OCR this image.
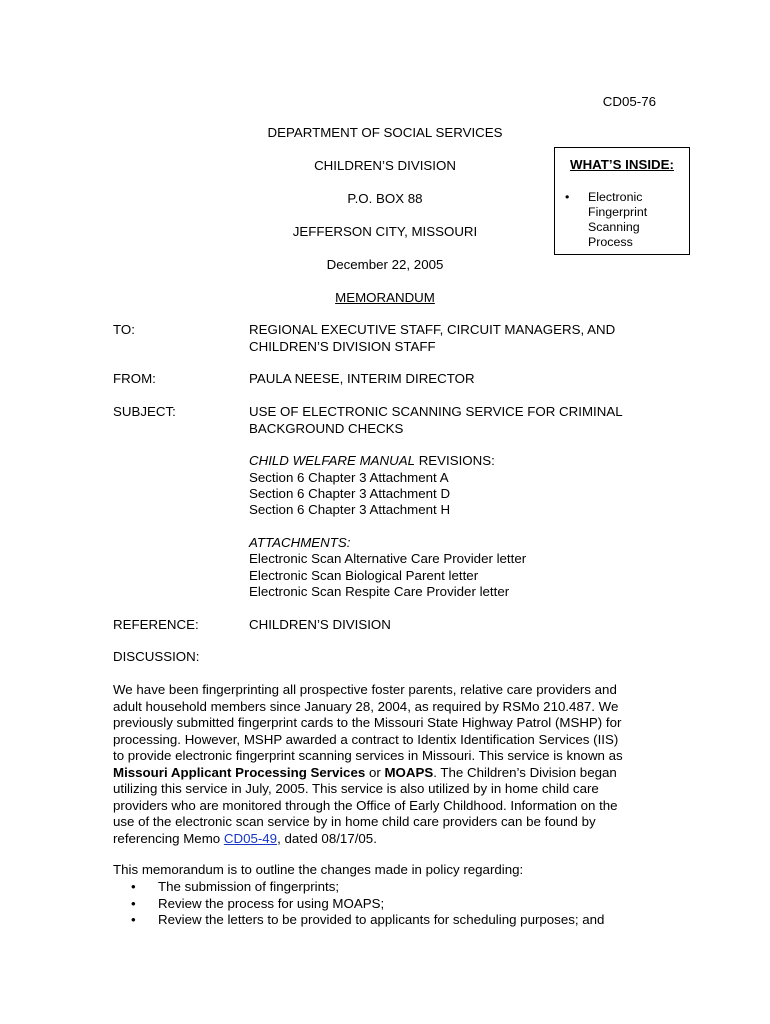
CD05-76
DEPARTMENT OF SOCIAL SERVICES
CHILDREN’S DIVISION
P.O. BOX 88
JEFFERSON CITY, MISSOURI
December 22, 2005
MEMORANDUM
WHAT’S INSIDE:
• Electronic Fingerprint Scanning Process
TO:	REGIONAL EXECUTIVE STAFF, CIRCUIT MANAGERS, AND
CHILDREN’S DIVISION STAFF
FROM:	PAULA NEESE, INTERIM DIRECTOR
SUBJECT:	USE OF ELECTRONIC SCANNING SERVICE FOR CRIMINAL
BACKGROUND CHECKS
CHILD WELFARE MANUAL REVISIONS:
Section 6 Chapter 3 Attachment A
Section 6 Chapter 3 Attachment D
Section 6 Chapter 3 Attachment H
ATTACHMENTS:
Electronic Scan Alternative Care Provider letter
Electronic Scan Biological Parent letter
Electronic Scan Respite Care Provider letter
REFERENCE:	CHILDREN’S DIVISION
DISCUSSION:

We have been fingerprinting all prospective foster parents, relative care providers and

adult household members since January 28, 2004, as required by RSMo 210.487. We

previously submitted fingerprint cards to the Missouri State Highway Patrol (MSHP) for

processing. However, MSHP awarded a contract to Identix Identification Services (IIS)

to provide electronic fingerprint scanning services in Missouri. This service is known as

Missouri Applicant Processing Services or MOAPS. The Children’s Division began

utilizing this service in July, 2005. This service is also utilized by in home child care

providers who are monitored through the Office of Early Childhood. Information on the

use of the electronic scan service by in home child care providers can be found by

referencing Memo CD05-49, dated 08/17/05.

This memorandum is to outline the changes made in policy regarding:
• The submission of fingerprints;
• Review the process for using MOAPS;
• Review the letters to be provided to applicants for scheduling purposes; and
